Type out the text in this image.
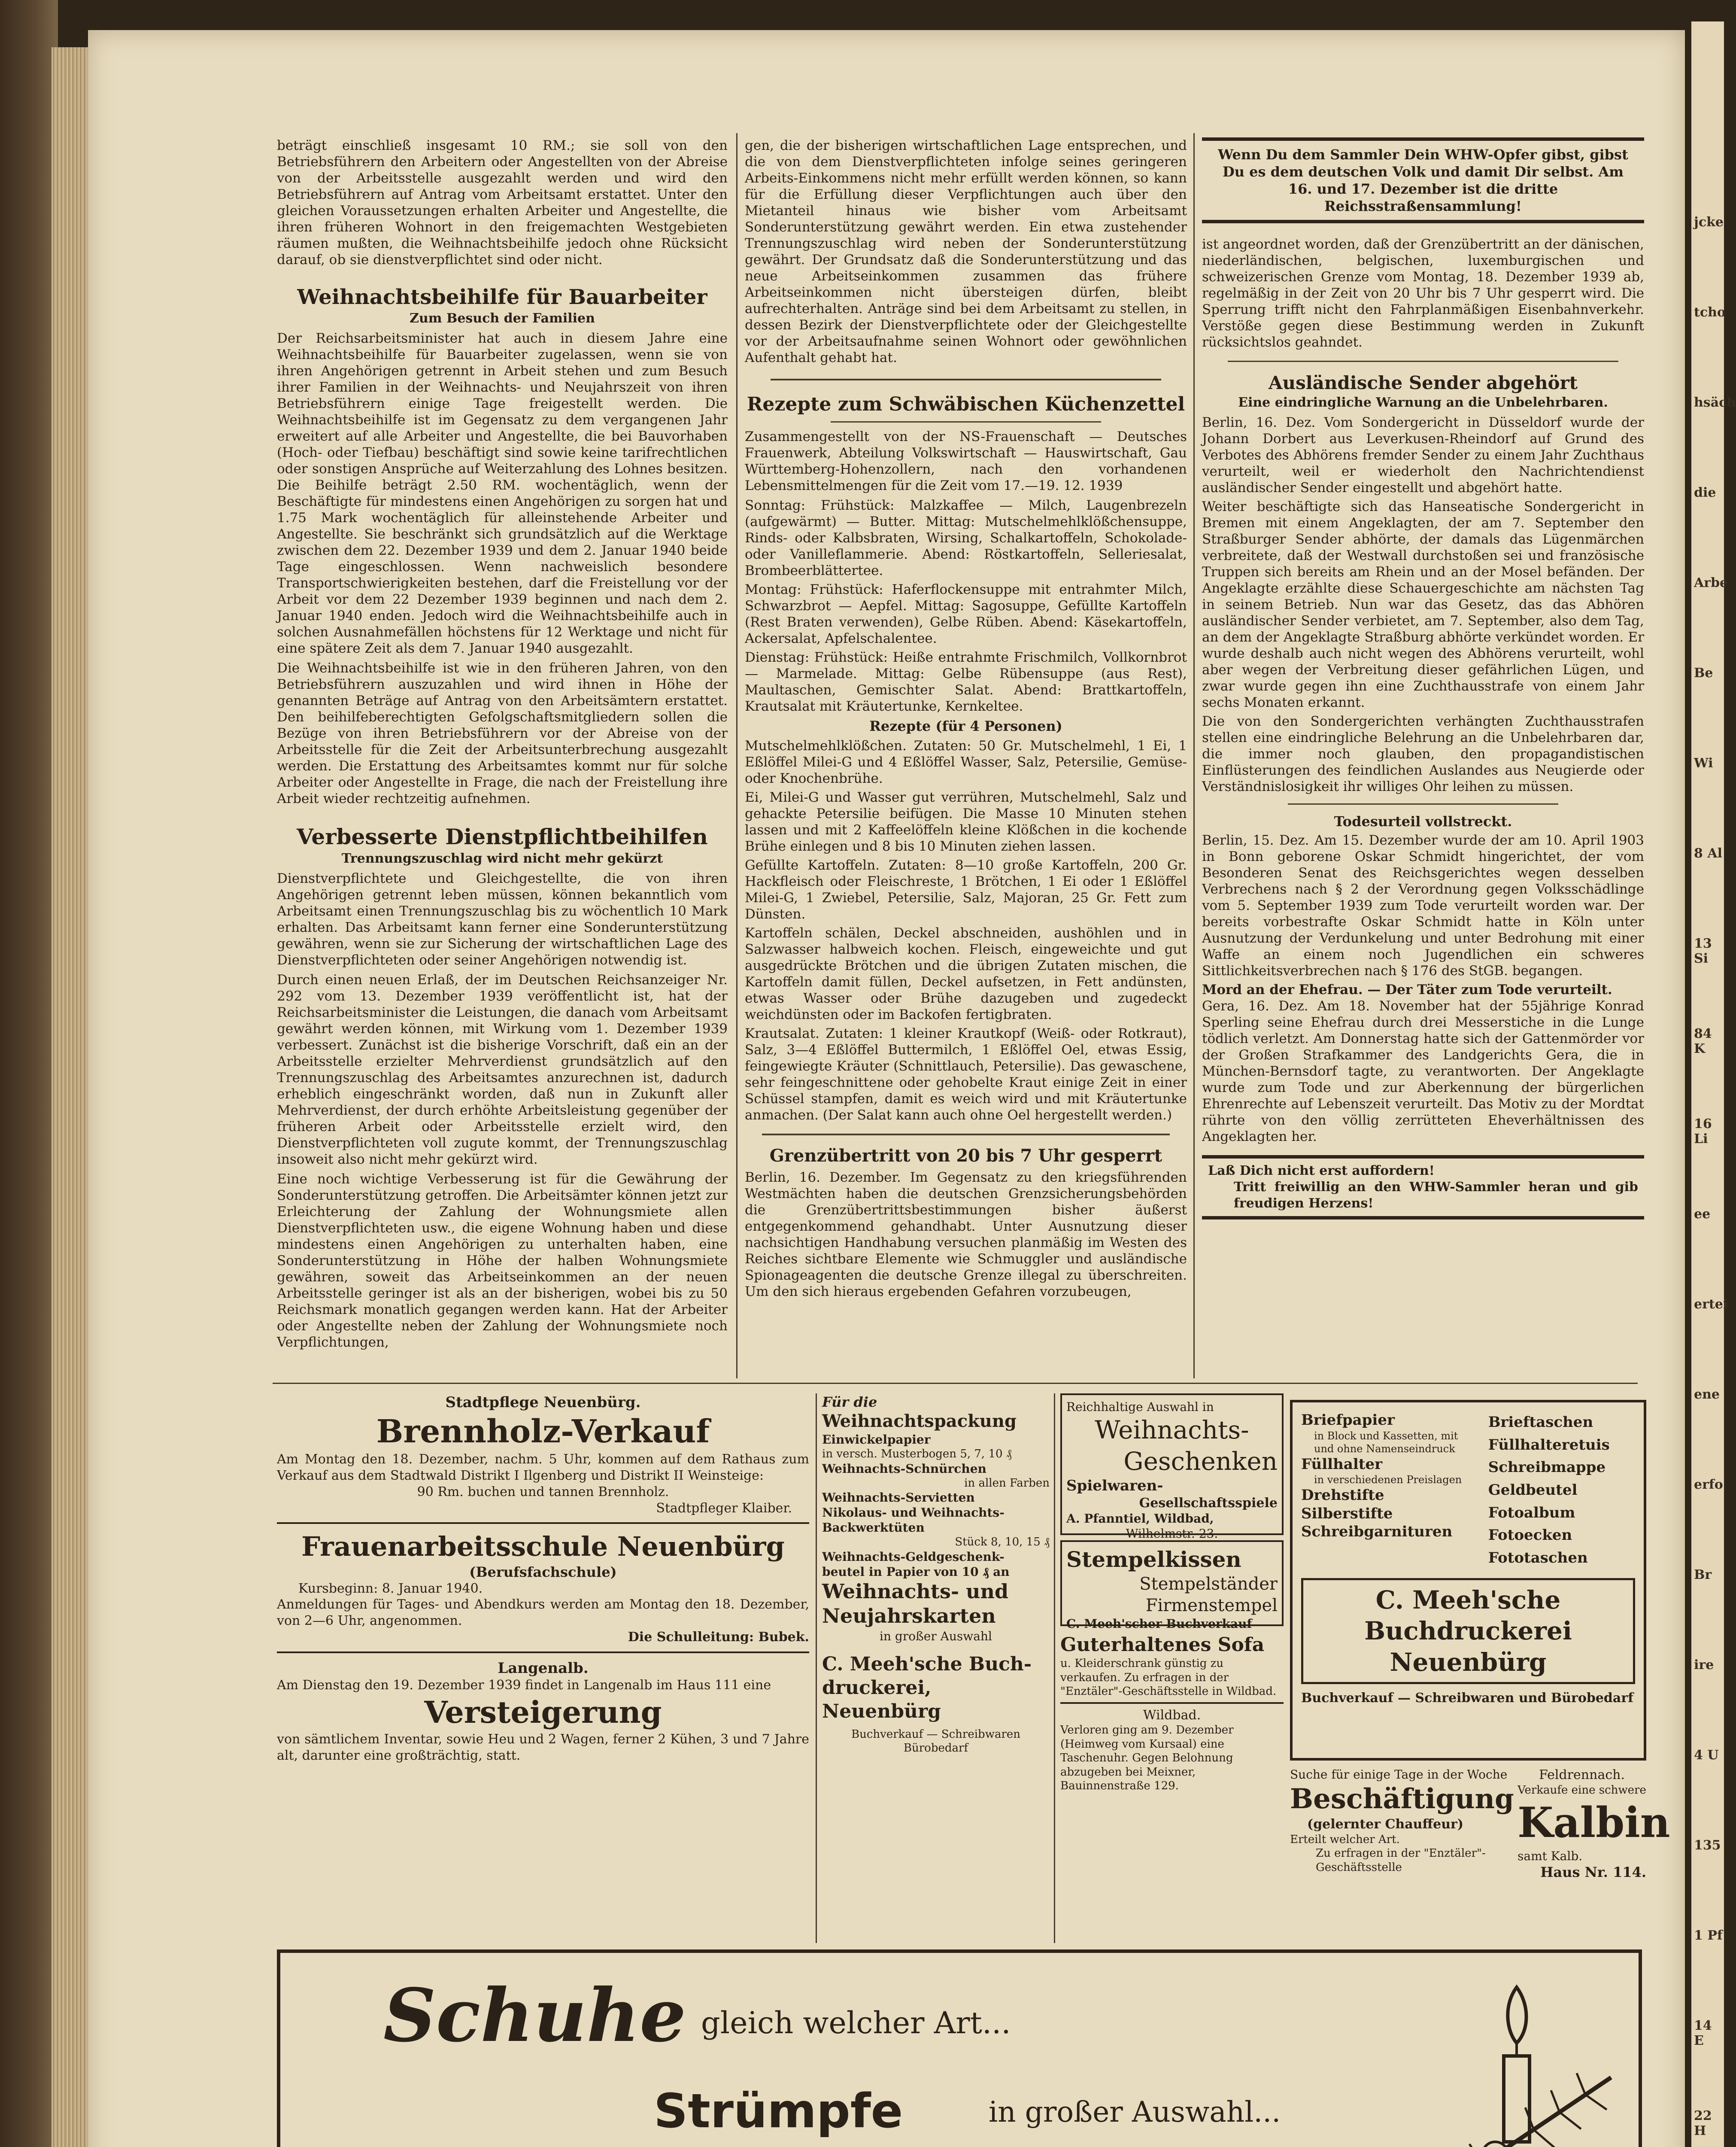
jcke
tcho
hsäch
die
Arbe
Be
Wi
8 Al
13 Si
84 K
16 Li
ee
ertei
ene
erfo
Br
ire
4 U
135
1 Pf
14 E
22 H

beträgt einschließ insgesamt 10 RM.; sie soll von den Betriebsführern den Arbeitern oder Angestellten von der Abreise von der Arbeitsstelle ausgezahlt werden und wird den Betriebsführern auf Antrag vom Arbeitsamt erstattet. Unter den gleichen Voraussetzungen erhalten Arbeiter und Angestellte, die ihren früheren Wohnort in den freigemachten Westgebieten räumen mußten, die Weihnachtsbeihilfe jedoch ohne Rücksicht darauf, ob sie dienstverpflichtet sind oder nicht.

Weihnachtsbeihilfe für Bauarbeiter

Zum Besuch der Familien

Der Reichsarbeitsminister hat auch in diesem Jahre eine Weihnachtsbeihilfe für Bauarbeiter zugelassen, wenn sie von ihren Angehörigen getrennt in Arbeit stehen und zum Besuch ihrer Familien in der Weihnachts- und Neujahrszeit von ihren Betriebsführern einige Tage freigestellt werden. Die Weihnachtsbeihilfe ist im Gegensatz zu dem vergangenen Jahr erweitert auf alle Arbeiter und Angestellte, die bei Bauvorhaben (Hoch- oder Tiefbau) beschäftigt sind sowie keine tarifrechtlichen oder sonstigen Ansprüche auf Weiterzahlung des Lohnes besitzen. Die Beihilfe beträgt 2.50 RM. wochentäglich, wenn der Beschäftigte für mindestens einen Angehörigen zu sorgen hat und 1.75 Mark wochentäglich für alleinstehende Arbeiter und Angestellte. Sie beschränkt sich grundsätzlich auf die Werktage zwischen dem 22. Dezember 1939 und dem 2. Januar 1940 beide Tage eingeschlossen. Wenn nachweislich besondere Transportschwierigkeiten bestehen, darf die Freistellung vor der Arbeit vor dem 22 Dezember 1939 beginnen und nach dem 2. Januar 1940 enden. Jedoch wird die Weihnachtsbeihilfe auch in solchen Ausnahmefällen höchstens für 12 Werktage und nicht für eine spätere Zeit als dem 7. Januar 1940 ausgezahlt.

Die Weihnachtsbeihilfe ist wie in den früheren Jahren, von den Betriebsführern auszuzahlen und wird ihnen in Höhe der genannten Beträge auf Antrag von den Arbeitsämtern erstattet. Den beihilfeberechtigten Gefolgschaftsmitgliedern sollen die Bezüge von ihren Betriebsführern vor der Abreise von der Arbeitsstelle für die Zeit der Arbeitsunterbrechung ausgezahlt werden. Die Erstattung des Arbeitsamtes kommt nur für solche Arbeiter oder Angestellte in Frage, die nach der Freistellung ihre Arbeit wieder rechtzeitig aufnehmen.

Verbesserte Dienstpflichtbeihilfen

Trennungszuschlag wird nicht mehr gekürzt

Dienstverpflichtete und Gleichgestellte, die von ihren Angehörigen getrennt leben müssen, können bekanntlich vom Arbeitsamt einen Trennungszuschlag bis zu wöchentlich 10 Mark erhalten. Das Arbeitsamt kann ferner eine Sonderunterstützung gewähren, wenn sie zur Sicherung der wirtschaftlichen Lage des Dienstverpflichteten oder seiner Angehörigen notwendig ist.

Durch einen neuen Erlaß, der im Deutschen Reichsanzeiger Nr. 292 vom 13. Dezember 1939 veröffentlicht ist, hat der Reichsarbeitsminister die Leistungen, die danach vom Arbeitsamt gewährt werden können, mit Wirkung vom 1. Dezember 1939 verbessert. Zunächst ist die bisherige Vorschrift, daß ein an der Arbeitsstelle erzielter Mehrverdienst grundsätzlich auf den Trennungszuschlag des Arbeitsamtes anzurechnen ist, dadurch erheblich eingeschränkt worden, daß nun in Zukunft aller Mehrverdienst, der durch erhöhte Arbeitsleistung gegenüber der früheren Arbeit oder Arbeitsstelle erzielt wird, den Dienstverpflichteten voll zugute kommt, der Trennungszuschlag insoweit also nicht mehr gekürzt wird.

Eine noch wichtige Verbesserung ist für die Gewährung der Sonderunterstützung getroffen. Die Arbeitsämter können jetzt zur Erleichterung der Zahlung der Wohnungsmiete allen Dienstverpflichteten usw., die eigene Wohnung haben und diese mindestens einen Angehörigen zu unterhalten haben, eine Sonderunterstützung in Höhe der halben Wohnungsmiete gewähren, soweit das Arbeitseinkommen an der neuen Arbeitsstelle geringer ist als an der bisherigen, wobei bis zu 50 Reichsmark monatlich gegangen werden kann. Hat der Arbeiter oder Angestellte neben der Zahlung der Wohnungsmiete noch Verpflichtungen,

gen, die der bisherigen wirtschaftlichen Lage entsprechen, und die von dem Dienstverpflichteten infolge seines geringeren Arbeits-Einkommens nicht mehr erfüllt werden können, so kann für die Erfüllung dieser Verpflichtungen auch über den Mietanteil hinaus wie bisher vom Arbeitsamt Sonderunterstützung gewährt werden. Ein etwa zustehender Trennungszuschlag wird neben der Sonderunterstützung gewährt. Der Grundsatz daß die Sonderunterstützung und das neue Arbeitseinkommen zusammen das frühere Arbeitseinkommen nicht übersteigen dürfen, bleibt aufrechterhalten. Anträge sind bei dem Arbeitsamt zu stellen, in dessen Bezirk der Dienstverpflichtete oder der Gleichgestellte vor der Arbeitsaufnahme seinen Wohnort oder gewöhnlichen Aufenthalt gehabt hat.

Rezepte zum Schwäbischen Küchenzettel

Zusammengestellt von der NS-Frauenschaft — Deutsches Frauenwerk, Abteilung Volkswirtschaft — Hauswirtschaft, Gau Württemberg-Hohenzollern, nach den vorhandenen Lebensmittelmengen für die Zeit vom 17.—19. 12. 1939

Sonntag: Frühstück: Malzkaffee — Milch, Laugenbrezeln (aufgewärmt) — Butter. Mittag: Mutschelmehlklößchensuppe, Rinds- oder Kalbsbraten, Wirsing, Schalkartoffeln, Schokolade- oder Vanilleflammerie. Abend: Röstkartoffeln, Selleriesalat, Brombeerblättertee.

Montag: Frühstück: Haferflockensuppe mit entrahmter Milch, Schwarzbrot — Aepfel. Mittag: Sagosuppe, Gefüllte Kartoffeln (Rest Braten verwenden), Gelbe Rüben. Abend: Käsekartoffeln, Ackersalat, Apfelschalentee.

Dienstag: Frühstück: Heiße entrahmte Frischmilch, Vollkornbrot — Marmelade. Mittag: Gelbe Rübensuppe (aus Rest), Maultaschen, Gemischter Salat. Abend: Brattkartoffeln, Krautsalat mit Kräutertunke, Kernkeltee.

Rezepte (für 4 Personen)

Mutschelmehlklößchen. Zutaten: 50 Gr. Mutschelmehl, 1 Ei, 1 Eßlöffel Milei-G und 4 Eßlöffel Wasser, Salz, Petersilie, Gemüse- oder Knochenbrühe.

Ei, Milei-G und Wasser gut verrühren, Mutschelmehl, Salz und gehackte Petersilie beifügen. Die Masse 10 Minuten stehen lassen und mit 2 Kaffeelöffeln kleine Klößchen in die kochende Brühe einlegen und 8 bis 10 Minuten ziehen lassen.

Gefüllte Kartoffeln. Zutaten: 8—10 große Kartoffeln, 200 Gr. Hackfleisch oder Fleischreste, 1 Brötchen, 1 Ei oder 1 Eßlöffel Milei-G, 1 Zwiebel, Petersilie, Salz, Majoran, 25 Gr. Fett zum Dünsten.

Kartoffeln schälen, Deckel abschneiden, aushöhlen und in Salzwasser halbweich kochen. Fleisch, eingeweichte und gut ausgedrückte Brötchen und die übrigen Zutaten mischen, die Kartoffeln damit füllen, Deckel aufsetzen, in Fett andünsten, etwas Wasser oder Brühe dazugeben und zugedeckt weichdünsten oder im Backofen fertigbraten.

Krautsalat. Zutaten: 1 kleiner Krautkopf (Weiß- oder Rotkraut), Salz, 3—4 Eßlöffel Buttermilch, 1 Eßlöffel Oel, etwas Essig, feingewiegte Kräuter (Schnittlauch, Petersilie). Das gewaschene, sehr feingeschnittene oder gehobelte Kraut einige Zeit in einer Schüssel stampfen, damit es weich wird und mit Kräutertunke anmachen. (Der Salat kann auch ohne Oel hergestellt werden.)

Grenzübertritt von 20 bis 7 Uhr gesperrt

Berlin, 16. Dezember. Im Gegensatz zu den kriegsführenden Westmächten haben die deutschen Grenzsicherungsbehörden die Grenzübertrittsbestimmungen bisher äußerst entgegenkommend gehandhabt. Unter Ausnutzung dieser nachsichtigen Handhabung versuchen planmäßig im Westen des Reiches sichtbare Elemente wie Schmuggler und ausländische Spionageagenten die deutsche Grenze illegal zu überschreiten. Um den sich hieraus ergebenden Gefahren vorzubeugen,

Wenn Du dem Sammler Dein WHW-Opfer gibst, gibst Du es dem deutschen Volk und damit Dir selbst. Am 16. und 17. Dezember ist die dritte Reichsstraßensammlung!

ist angeordnet worden, daß der Grenzübertritt an der dänischen, niederländischen, belgischen, luxemburgischen und schweizerischen Grenze vom Montag, 18. Dezember 1939 ab, regelmäßig in der Zeit von 20 Uhr bis 7 Uhr gesperrt wird. Die Sperrung trifft nicht den Fahrplanmäßigen Eisenbahnverkehr. Verstöße gegen diese Bestimmung werden in Zukunft rücksichtslos geahndet.

Ausländische Sender abgehört

Eine eindringliche Warnung an die Unbelehrbaren.

Berlin, 16. Dez. Vom Sondergericht in Düsseldorf wurde der Johann Dorbert aus Leverkusen-Rheindorf auf Grund des Verbotes des Abhörens fremder Sender zu einem Jahr Zuchthaus verurteilt, weil er wiederholt den Nachrichtendienst ausländischer Sender eingestellt und abgehört hatte.

Weiter beschäftigte sich das Hanseatische Sondergericht in Bremen mit einem Angeklagten, der am 7. September den Straßburger Sender abhörte, der damals das Lügenmärchen verbreitete, daß der Westwall durchstoßen sei und französische Truppen sich bereits am Rhein und an der Mosel befänden. Der Angeklagte erzählte diese Schauergeschichte am nächsten Tag in seinem Betrieb. Nun war das Gesetz, das das Abhören ausländischer Sender verbietet, am 7. September, also dem Tag, an dem der Angeklagte Straßburg abhörte verkündet worden. Er wurde deshalb auch nicht wegen des Abhörens verurteilt, wohl aber wegen der Verbreitung dieser gefährlichen Lügen, und zwar wurde gegen ihn eine Zuchthausstrafe von einem Jahr sechs Monaten erkannt.

Die von den Sondergerichten verhängten Zuchthausstrafen stellen eine eindringliche Belehrung an die Unbelehrbaren dar, die immer noch glauben, den propagandistischen Einflüsterungen des feindlichen Auslandes aus Neugierde oder Verständnislosigkeit ihr williges Ohr leihen zu müssen.

Todesurteil vollstreckt.

Berlin, 15. Dez. Am 15. Dezember wurde der am 10. April 1903 in Bonn geborene Oskar Schmidt hingerichtet, der vom Besonderen Senat des Reichsgerichtes wegen desselben Verbrechens nach § 2 der Verordnung gegen Volksschädlinge vom 5. September 1939 zum Tode verurteilt worden war. Der bereits vorbestrafte Oskar Schmidt hatte in Köln unter Ausnutzung der Verdunkelung und unter Bedrohung mit einer Waffe an einem noch Jugendlichen ein schweres Sittlichkeitsverbrechen nach § 176 des StGB. begangen.

Mord an der Ehefrau. — Der Täter zum Tode verurteilt.

Gera, 16. Dez. Am 18. November hat der 55jährige Konrad Sperling seine Ehefrau durch drei Messerstiche in die Lunge tödlich verletzt. Am Donnerstag hatte sich der Gattenmörder vor der Großen Strafkammer des Landgerichts Gera, die in München-Bernsdorf tagte, zu verantworten. Der Angeklagte wurde zum Tode und zur Aberkennung der bürgerlichen Ehrenrechte auf Lebenszeit verurteilt. Das Motiv zu der Mordtat rührte von den völlig zerrütteten Eheverhältnissen des Angeklagten her.

Laß Dich nicht erst auffordern!

Tritt freiwillig an den WHW-Sammler heran und gib freudigen Herzens!

Stadtpflege Neuenbürg.

Brennholz-Verkauf

Am Montag den 18. Dezember, nachm. 5 Uhr, kommen auf dem Rathaus zum Verkauf aus dem Stadtwald Distrikt I Ilgenberg und Distrikt II Weinsteige:

90 Rm. buchen und tannen Brennholz.

Stadtpfleger Klaiber.

Frauenarbeitsschule Neuenbürg

(Berufsfachschule)

Kursbeginn: 8. Januar 1940.

Anmeldungen für Tages- und Abendkurs werden am Montag den 18. Dezember, von 2—6 Uhr, angenommen.

Die Schulleitung: Bubek.

Langenalb.

Am Dienstag den 19. Dezember 1939 findet in Langenalb im Haus 111 eine

Versteigerung

von sämtlichem Inventar, sowie Heu und 2 Wagen, ferner 2 Kühen, 3 und 7 Jahre alt, darunter eine großträchtig, statt.

Für die

Weihnachtspackung

Einwickelpapier

in versch. Musterbogen 5, 7, 10 ₰

Weihnachts-Schnürchen

in allen Farben

Weihnachts-Servietten

Nikolaus- und Weihnachts-

Backwerktüten

Stück 8, 10, 15 ₰

Weihnachts-Geldgeschenk-

beutel in Papier von 10 ₰ an

Weihnachts- und

Neujahrskarten

in großer Auswahl

C. Meeh'sche Buch-

druckerei, Neuenbürg

Buchverkauf — Schreibwaren

Bürobedarf

Reichhaltige Auswahl in

Weihnachts-

Geschenken

Spielwaren-

Gesellschaftsspiele

A. Pfanntiel, Wildbad,

Wilhelmstr. 23.

Stempelkissen

Stempelständer

Firmenstempel

C. Meeh'scher Buchverkauf

Guterhaltenes Sofa

u. Kleiderschrank günstig zu verkaufen. Zu erfragen in der "Enztäler"-Geschäftsstelle in Wildbad.

Wildbad.

Verloren ging am 9. Dezember (Heimweg vom Kursaal) eine Taschenuhr. Gegen Belohnung abzugeben bei Meixner, Bauinnenstraße 129.

Briefpapier

in Block und Kassetten, mit und ohne Namenseindruck

Füllhalter

in verschiedenen Preislagen

Drehstifte

Silberstifte

Schreibgarnituren

Brieftaschen

Füllhalteretuis

Schreibmappe

Geldbeutel

Fotoalbum

Fotoecken

Fototaschen

C. Meeh'sche Buchdruckerei Neuenbürg

Buchverkauf — Schreibwaren und Bürobedarf

Suche für einige Tage in der Woche

Beschäftigung

(gelernter Chauffeur)

Erteilt welcher Art.

Zu erfragen in der "Enztäler"-Geschäftsstelle

Feldrennach.

Verkaufe eine schwere

Kalbin

samt Kalb.

Haus Nr. 114.

Schuhe gleich welcher Art...

Strümpfe	in großer Auswahl...
